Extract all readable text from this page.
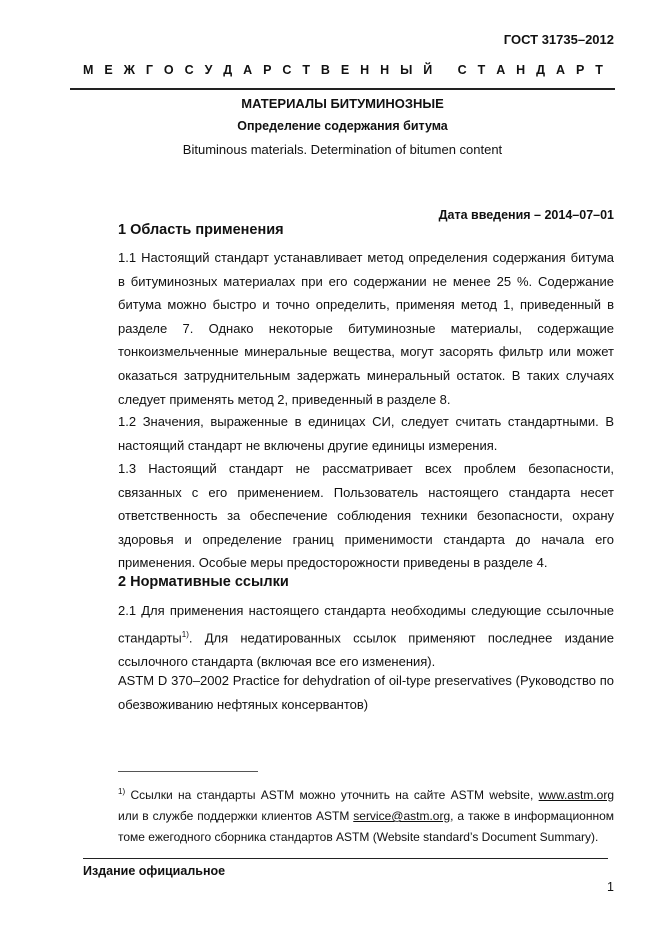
ГОСТ 31735–2012
М Е Ж Г О С У Д А Р С Т В Е Н Н Ы Й
С Т А Н Д А Р Т
МАТЕРИАЛЫ БИТУМИНОЗНЫЕ
Определение содержания битума
Bituminous materials. Determination of bitumen content
Дата введения – 2014–07–01
1 Область применения
1.1 Настоящий стандарт устанавливает метод определения содержания битума в битуминозных материалах при его содержании не менее 25 %. Содержание битума можно быстро и точно определить, применяя метод 1, приведенный в разделе 7. Однако некоторые битуминозные материалы, содержащие тонкоизмельченные минеральные вещества, могут засорять фильтр или может оказаться затруднительным задержать минеральный остаток. В таких случаях следует применять метод 2, приведенный в разделе 8.
1.2 Значения, выраженные в единицах СИ, следует считать стандартными. В настоящий стандарт не включены другие единицы измерения.
1.3 Настоящий стандарт не рассматривает всех проблем безопасности, связанных с его применением. Пользователь настоящего стандарта несет ответственность за обеспечение соблюдения техники безопасности, охрану здоровья и определение границ применимости стандарта до начала его применения. Особые меры предосторожности приведены в разделе 4.
2 Нормативные ссылки
2.1 Для применения настоящего стандарта необходимы следующие ссылочные стандарты$^{1)}$. Для недатированных ссылок применяют последнее издание ссылочного стандарта (включая все его изменения).
ASTM D 370–2002 Practice for dehydration of oil-type preservatives (Руководство по обезвоживанию нефтяных консервантов)
$^{1)}$ Ссылки на стандарты ASTM можно уточнить на сайте ASTM website, www.astm.org или в службе поддержки клиентов ASTM service@astm.org, а также в информационном томе ежегодного сборника стандартов ASTM (Website standard’s Document Summary).
Издание официальное
1
